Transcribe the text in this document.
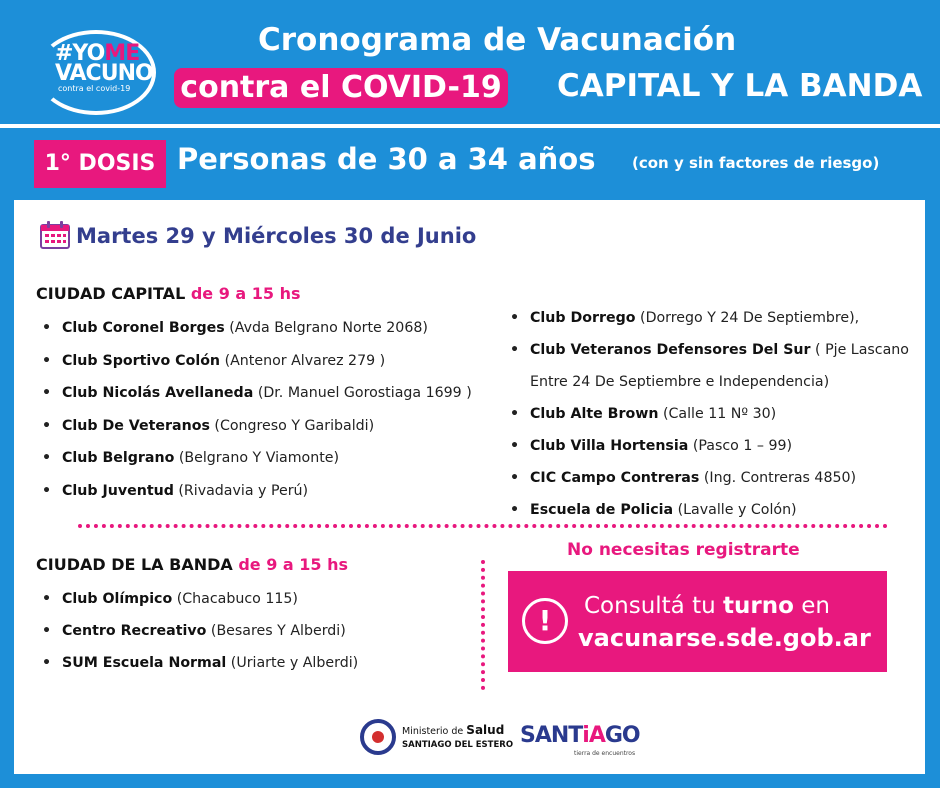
#YOME
VACUNO
contra el covid-19
Cronograma de Vacunación
contra el COVID-19 CAPITAL Y LA BANDA
1° DOSIS Personas de 30 a 34 años (con y sin factores de riesgo)
Martes 29 y Miércoles 30 de Junio
CIUDAD CAPITAL de 9 a 15 hs
• Club Coronel Borges (Avda Belgrano Norte 2068)
• Club Sportivo Colón (Antenor Alvarez 279 )
• Club Nicolás Avellaneda (Dr. Manuel Gorostiaga 1699 )
• Club De Veteranos (Congreso Y Garibaldi)
• Club Belgrano (Belgrano Y Viamonte)
• Club Juventud (Rivadavia y Perú)
• Club Dorrego (Dorrego Y 24 De Septiembre),
• Club Veteranos Defensores Del Sur ( Pje Lascano
Entre 24 De Septiembre e Independencia)
• Club Alte Brown (Calle 11 Nº 30)
• Club Villa Hortensia (Pasco 1 – 99)
• CIC Campo Contreras (Ing. Contreras 4850)
• Escuela de Policia (Lavalle y Colón)
CIUDAD DE LA BANDA de 9 a 15 hs
• Club Olímpico (Chacabuco 115)
• Centro Recreativo (Besares Y Alberdi)
• SUM Escuela Normal (Uriarte y Alberdi)
No necesitas registrarte
!	Consultá tu turno en
vacunarse.sde.gob.ar
Ministerio de Salud
SANTIAGO DEL ESTERO SANTiAGO
tierra de encuentros
